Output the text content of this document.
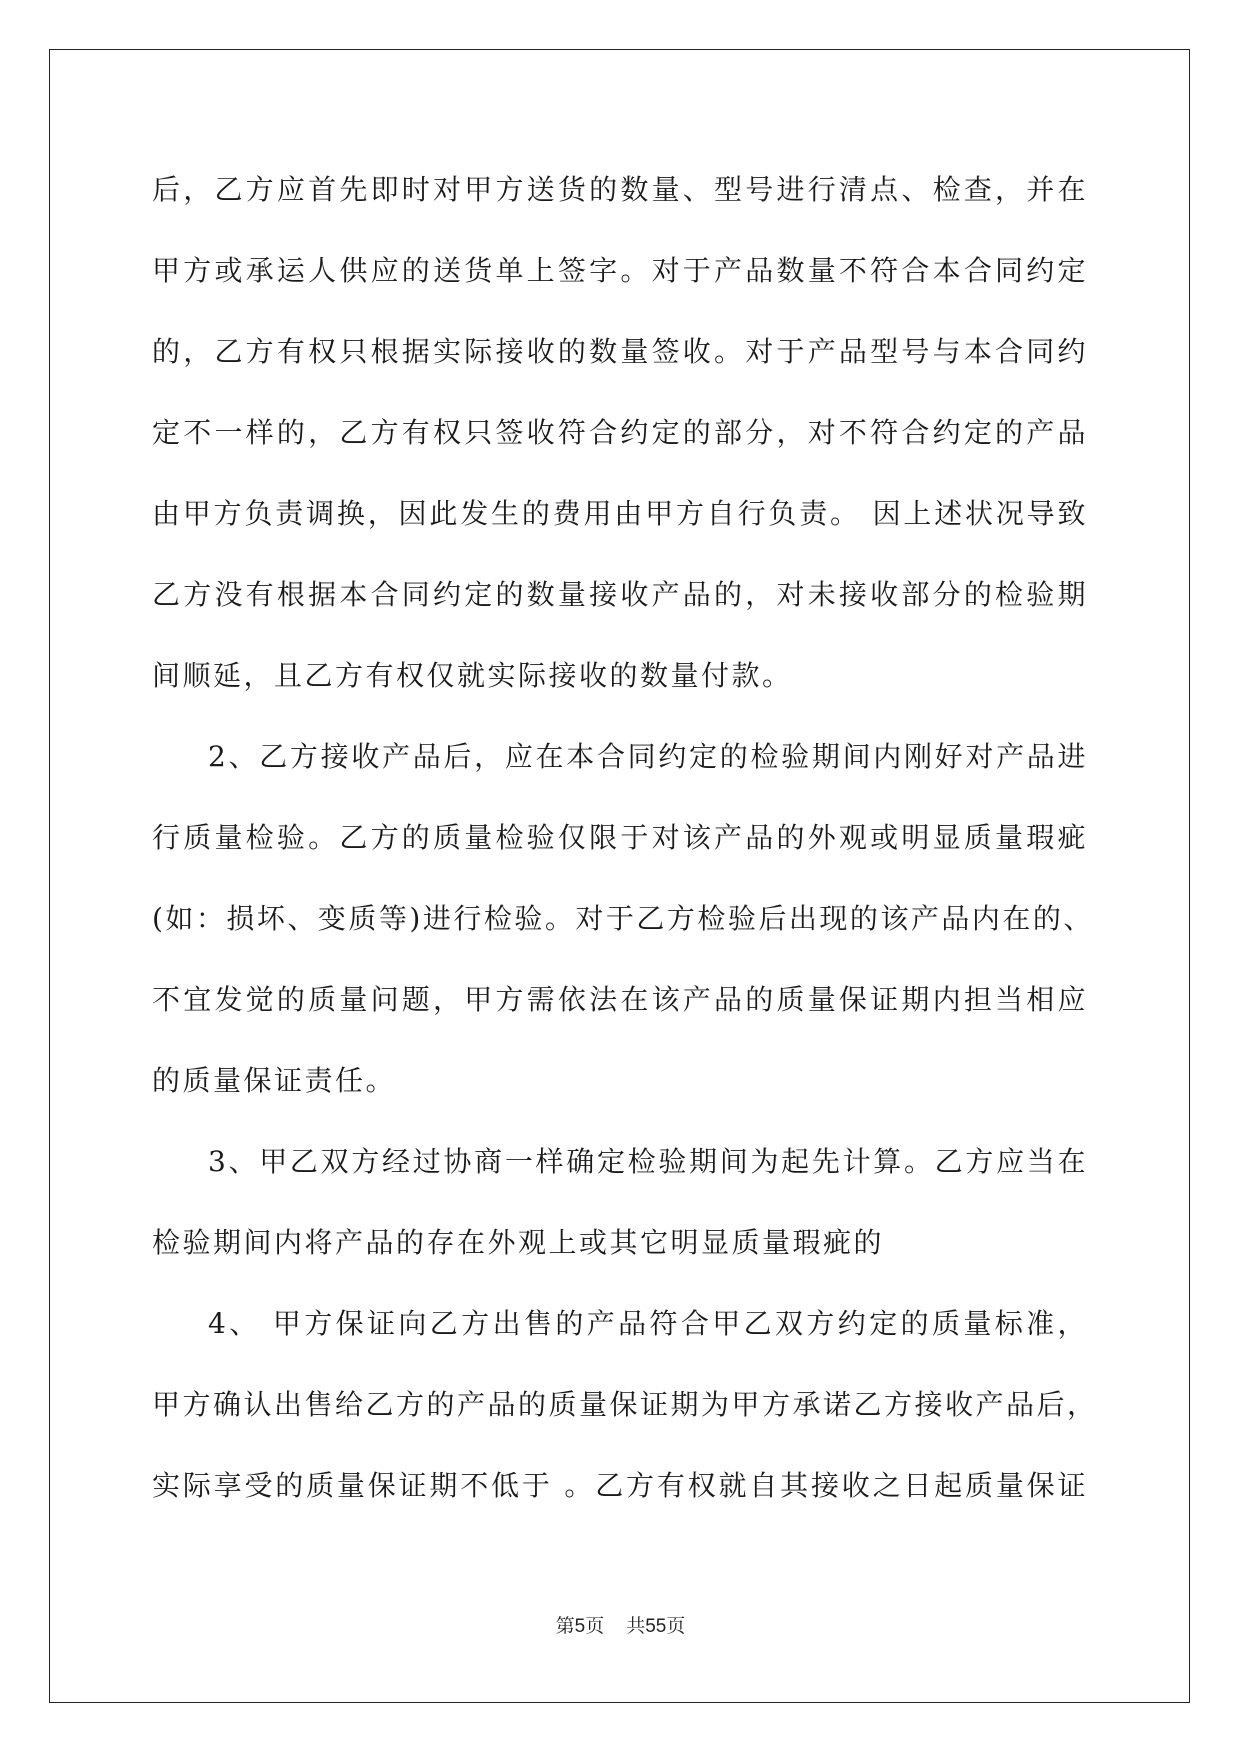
后，乙方应首先即时对甲方送货的数量、型号进行清点、检查，并在
甲方或承运人供应的送货单上签字。对于产品数量不符合本合同约定
的，乙方有权只根据实际接收的数量签收。对于产品型号与本合同约
定不一样的，乙方有权只签收符合约定的部分，对不符合约定的产品
由甲方负责调换，因此发生的费用由甲方自行负责。 因上述状况导致
乙方没有根据本合同约定的数量接收产品的，对未接收部分的检验期
间顺延，且乙方有权仅就实际接收的数量付款。
2、乙方接收产品后，应在本合同约定的检验期间内刚好对产品进
行质量检验。乙方的质量检验仅限于对该产品的外观或明显质量瑕疵
(如：损坏、变质等)进行检验。对于乙方检验后出现的该产品内在的、
不宜发觉的质量问题，甲方需依法在该产品的质量保证期内担当相应
的质量保证责任。
3、甲乙双方经过协商一样确定检验期间为起先计算。乙方应当在
检验期间内将产品的存在外观上或其它明显质量瑕疵的
4、 甲方保证向乙方出售的产品符合甲乙双方约定的质量标准，
甲方确认出售给乙方的产品的质量保证期为甲方承诺乙方接收产品后，
实际享受的质量保证期不低于 。乙方有权就自其接收之日起质量保证
第5页 共55页
